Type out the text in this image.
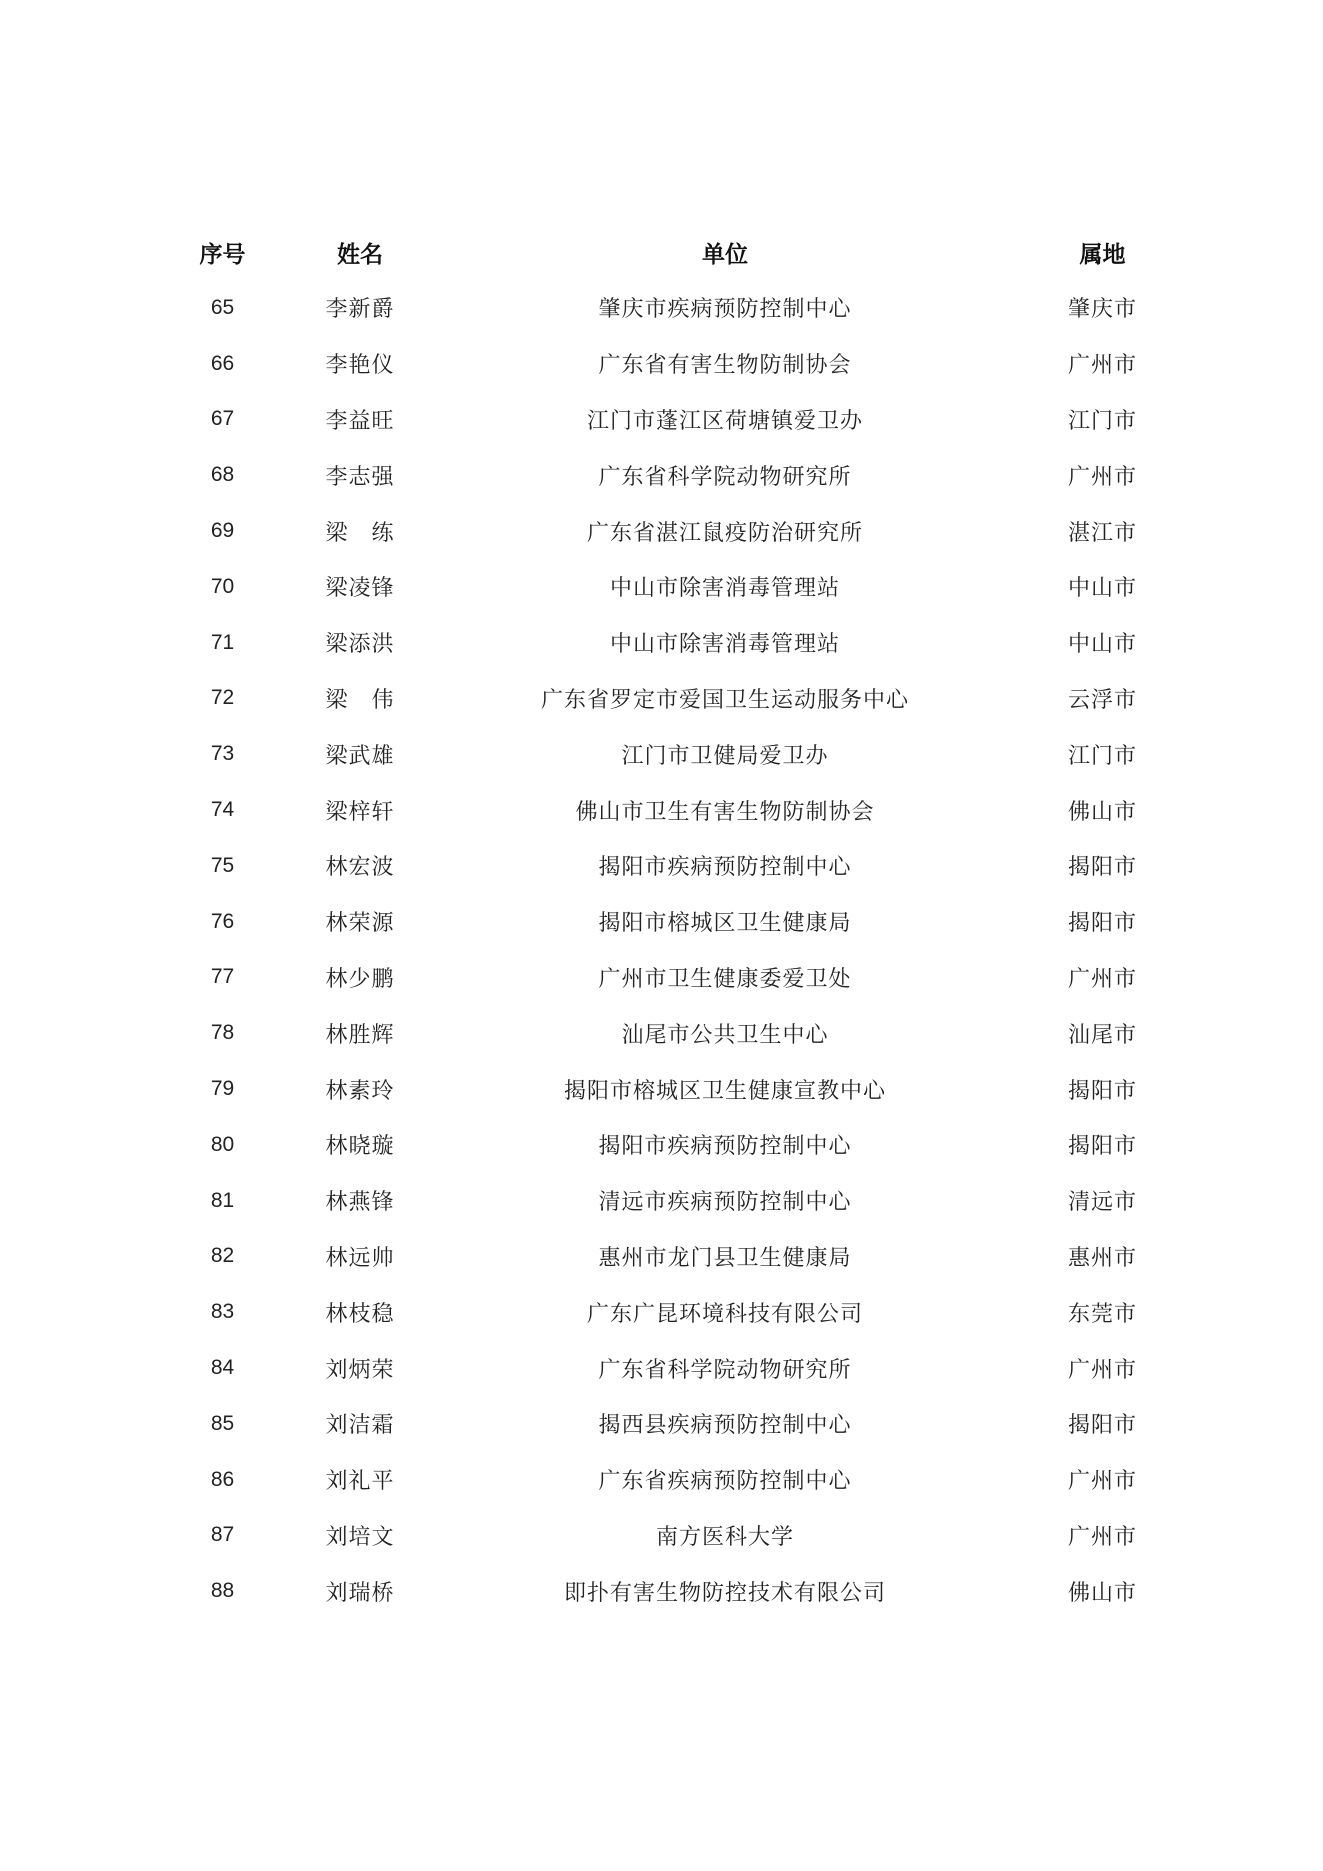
序号	姓名	单位	属地
65	李新爵	肇庆市疾病预防控制中心	肇庆市
66	李艳仪	广东省有害生物防制协会	广州市
67	李益旺	江门市蓬江区荷塘镇爱卫办	江门市
68	李志强	广东省科学院动物研究所	广州市
69	梁　练	广东省湛江鼠疫防治研究所	湛江市
70	梁凌锋	中山市除害消毒管理站	中山市
71	梁添洪	中山市除害消毒管理站	中山市
72	梁　伟	广东省罗定市爱国卫生运动服务中心	云浮市
73	梁武雄	江门市卫健局爱卫办	江门市
74	梁梓轩	佛山市卫生有害生物防制协会	佛山市
75	林宏波	揭阳市疾病预防控制中心	揭阳市
76	林荣源	揭阳市榕城区卫生健康局	揭阳市
77	林少鹏	广州市卫生健康委爱卫处	广州市
78	林胜辉	汕尾市公共卫生中心	汕尾市
79	林素玲	揭阳市榕城区卫生健康宣教中心	揭阳市
80	林晓璇	揭阳市疾病预防控制中心	揭阳市
81	林燕锋	清远市疾病预防控制中心	清远市
82	林远帅	惠州市龙门县卫生健康局	惠州市
83	林枝稳	广东广昆环境科技有限公司	东莞市
84	刘炳荣	广东省科学院动物研究所	广州市
85	刘洁霜	揭西县疾病预防控制中心	揭阳市
86	刘礼平	广东省疾病预防控制中心	广州市
87	刘培文	南方医科大学	广州市
88	刘瑞桥	即扑有害生物防控技术有限公司	佛山市
